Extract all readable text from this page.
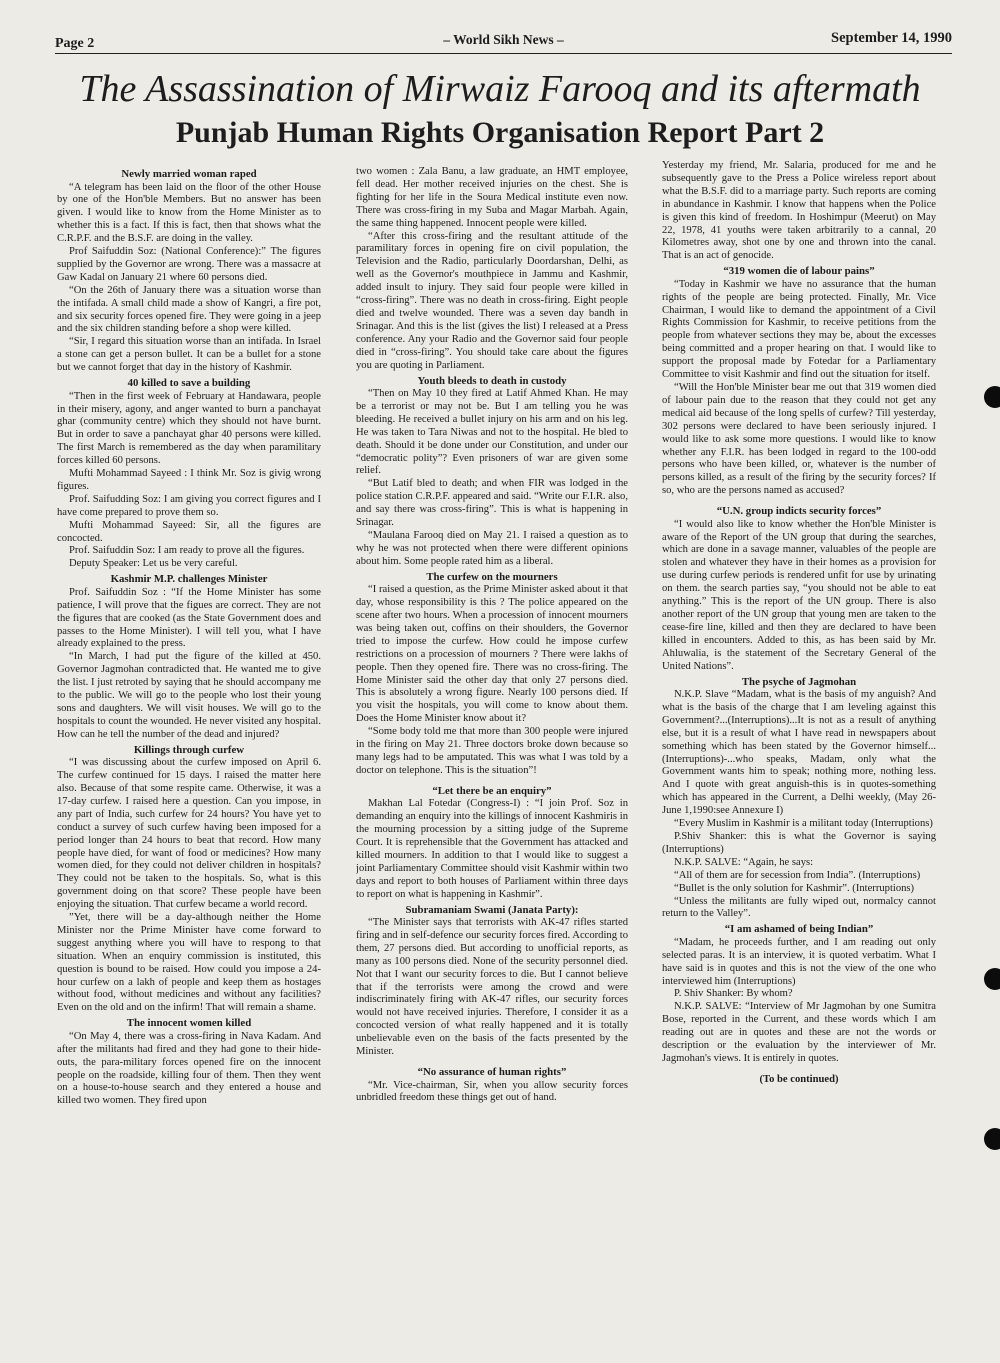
Page 2	– World Sikh News –	September 14, 1990
The Assassination of Mirwaiz Farooq and its aftermath
Punjab Human Rights Organisation Report Part 2
Newly married woman raped

“A telegram has been laid on the floor of the other House by one of the Hon'ble Members. But no answer has been given. I would like to know from the Home Minister as to whether this is a fact. If this is fact, then that shows what the C.R.P.F. and the B.S.F. are doing in the valley.

Prof Saifuddin Soz: (National Conference):” The figures supplied by the Governor are wrong. There was a massacre at Gaw Kadal on January 21 where 60 persons died.

“On the 26th of January there was a situation worse than the intifada. A small child made a show of Kangri, a fire pot, and six security forces opened fire. They were going in a jeep and the six children standing before a shop were killed.

“Sir, I regard this situation worse than an intifada. In Israel a stone can get a person bullet. It can be a bullet for a stone but we cannot forget that day in the history of Kashmir.

40 killed to save a building

“Then in the first week of February at Handawara, people in their misery, agony, and anger wanted to burn a panchayat ghar (community centre) which they should not have burnt. But in order to save a panchayat ghar 40 persons were killed. The first March is remembered as the day when paramilitary forces killed 60 persons.

Mufti Mohammad Sayeed : I think Mr. Soz is givig wrong figures.

Prof. Saifudding Soz: I am giving you correct figures and I have come prepared to prove them so.

Mufti Mohammad Sayeed: Sir, all the figures are concocted.

Prof. Saifuddin Soz: I am ready to prove all the figures.

Deputy Speaker: Let us be very careful.

Kashmir M.P. challenges Minister

Prof. Saifuddin Soz : “If the Home Minister has some patience, I will prove that the figues are correct. They are not the figures that are cooked (as the State Government does and passes to the Home Minister). I will tell you, what I have already explained to the press.

“In March, I had put the figure of the killed at 450. Governor Jagmohan contradicted that. He wanted me to give the list. I just retroted by saying that he should accompany me to the public. We will go to the people who lost their young sons and daughters. We will visit houses. We will go to the hospitals to count the wounded. He never visited any hospital. How can he tell the number of the dead and injured?

Killings through curfew

“I was discussing about the curfew imposed on April 6. The curfew continued for 15 days. I raised the matter here also. Because of that some respite came. Otherwise, it was a 17-day curfew. I raised here a question. Can you impose, in any part of India, such curfew for 24 hours? You have yet to conduct a survey of such curfew having been imposed for a period longer than 24 hours to beat that record. How many people have died, for want of food or medicines? How many women died, for they could not deliver children in hospitals? They could not be taken to the hospitals. So, what is this government doing on that score? These people have been enjoying the situation. That curfew became a world record.

”Yet, there will be a day-although neither the Home Minister nor the Prime Minister have come forward to suggest anything where you will have to respong to that situation. When an enquiry commission is instituted, this question is bound to be raised. How could you impose a 24-hour curfew on a lakh of people and keep them as hostages without food, without medicines and without any facilities? Even on the old and on the infirm! That will remain a shame.

The innocent women killed

“On May 4, there was a cross-firing in Nava Kadam. And after the militants had fired and they had gone to their hide-outs, the para-military forces opened fire on the innocent people on the roadside, killing four of them. Then they went on a house-to-house search and they entered a house and killed two women. They fired upon

two women : Zala Banu, a law graduate, an HMT employee, fell dead. Her mother received injuries on the chest. She is fighting for her life in the Soura Medical institute even now. There was cross-firing in my Suba and Magar Marbah. Again, the same thing happened. Innocent people were killed.

“After this cross-firing and the resultant attitude of the paramilitary forces in opening fire on civil population, the Television and the Radio, particularly Doordarshan, Delhi, as well as the Governor's mouthpiece in Jammu and Kashmir, added insult to injury. They said four people were killed in “cross-firing”. There was no death in cross-firing. Eight people died and twelve wounded. There was a seven day bandh in Srinagar. And this is the list (gives the list) I released at a Press conference. Any your Radio and the Governor said four people died in “cross-firing”. You should take care about the figures you are quoting in Parliament.

Youth bleeds to death in custody

“Then on May 10 they fired at Latif Ahmed Khan. He may be a terrorist or may not be. But I am telling you he was bleeding. He received a bullet injury on his arm and on his leg. He was taken to Tara Niwas and not to the hospital. He bled to death. Should it be done under our Constitution, and under our “democratic polity”? Even prisoners of war are given some relief.

“But Latif bled to death; and when FIR was lodged in the police station C.R.P.F. appeared and said. “Write our F.I.R. also, and say there was cross-firing”. This is what is happening in Srinagar.

“Maulana Farooq died on May 21. I raised a question as to why he was not protected when there were different opinions about him. Some people rated him as a liberal.

The curfew on the mourners

“I raised a question, as the Prime Minister asked about it that day, whose responsibility is this ? The police appeared on the scene after two hours. When a procession of innocent mourners was being taken out, coffins on their shoulders, the Governor tried to impose the curfew. How could he impose curfew restrictions on a procession of mourners ? There were lakhs of people. Then they opened fire. There was no cross-firing. The Home Minister said the other day that only 27 persons died. This is absolutely a wrong figure. Nearly 100 persons died. If you visit the hospitals, you will come to know about them. Does the Home Minister know about it?

“Some body told me that more than 300 people were injured in the firing on May 21. Three doctors broke down because so many legs had to be amputated. This was what I was told by a doctor on telephone. This is the situation”!

“Let there be an enquiry”

Makhan Lal Fotedar (Congress-I) : “I join Prof. Soz in demanding an enquiry into the killings of innocent Kashmiris in the mourning procession by a sitting judge of the Supreme Court. It is reprehensible that the Government has attacked and killed mourners. In addition to that I would like to suggest a joint Parliamentary Committee should visit Kashmir within two days and report to both houses of Parliament within three days to report on what is happening in Kashmir”.

Subramaniam Swami (Janata Party):

“The Minister says that terrorists with AK-47 rifles started firing and in self-defence our security forces fired. According to them, 27 persons died. But according to unofficial reports, as many as 100 persons died. None of the security personnel died. Not that I want our security forces to die. But I cannot believe that if the terrorists were among the crowd and were indiscriminately firing with AK-47 rifles, our security forces would not have received injuries. Therefore, I consider it as a concocted version of what really happened and it is totally unbelievable even on the basis of the facts presented by the Minister.

“No assurance of human rights”

“Mr. Vice-chairman, Sir, when you allow security forces unbridled freedom these things get out of hand.

Yesterday my friend, Mr. Salaria, produced for me and he subsequently gave to the Press a Police wireless report about what the B.S.F. did to a marriage party. Such reports are coming in abundance in Kashmir. I know that happens when the Police is given this kind of freedom. In Hoshimpur (Meerut) on May 22, 1978, 41 youths were taken arbitrarily to a cannal, 20 Kilometres away, shot one by one and thrown into the canal. That is an act of genocide.

“319 women die of labour pains”

“Today in Kashmir we have no assurance that the human rights of the people are being protected. Finally, Mr. Vice Chairman, I would like to demand the appointment of a Civil Rights Commission for Kashmir, to receive petitions from the people from whatever sections they may be, about the excesses being committed and a proper hearing on that. I would like to support the proposal made by Fotedar for a Parliamentary Committee to visit Kashmir and find out the situation for itself.

“Will the Hon'ble Minister bear me out that 319 women died of labour pain due to the reason that they could not get any medical aid because of the long spells of curfew? Till yesterday, 302 persons were declared to have been seriously injured. I would like to ask some more questions. I would like to know whether any F.I.R. has been lodged in regard to the 100-odd persons who have been killed, or, whatever is the number of persons killed, as a result of the firing by the security forces? If so, who are the persons named as accused?

“U.N. group indicts security forces”

“I would also like to know whether the Hon'ble Minister is aware of the Report of the UN group that during the searches, which are done in a savage manner, valuables of the people are stolen and whatever they have in their homes as a provision for use during curfew periods is rendered unfit for use by urinating on them. the search parties say, “you should not be able to eat anything.” This is the report of the UN group. There is also another report of the UN group that young men are taken to the cease-fire line, killed and then they are declared to have been killed in encounters. Added to this, as has been said by Mr. Ahluwalia, is the statement of the Secretary General of the United Nations”.

The psyche of Jagmohan

N.K.P. Slave “Madam, what is the basis of my anguish? And what is the basis of the charge that I am leveling against this Government?...(Interruptions)...It is not as a result of anything else, but it is a result of what I have read in newspapers about something which has been stated by the Governor himself...(Interruptions)-...who speaks, Madam, only what the Government wants him to speak; nothing more, nothing less. And I quote with great anguish-this is in quotes-something which has appeared in the Current, a Delhi weekly, (May 26-June 1,1990:see Annexure I)

“Every Muslim in Kashmir is a militant today (Interruptions)

P.Shiv Shanker: this is what the Governor is saying (Interruptions)

N.K.P. SALVE: “Again, he says:

“All of them are for secession from India”. (Interruptions)

“Bullet is the only solution for Kashmir”. (Interruptions)

“Unless the militants are fully wiped out, normalcy cannot return to the Valley”.

“I am ashamed of being Indian”

“Madam, he proceeds further, and I am reading out only selected paras. It is an interview, it is quoted verbatim. What I have said is in quotes and this is not the view of the one who interviewed him (Interruptions)

P. Shiv Shanker: By whom?

N.K.P. SALVE: “Interview of Mr Jagmohan by one Sumitra Bose, reported in the Current, and these words which I am reading out are in quotes and these are not the words or description or the evaluation by the interviewer of Mr. Jagmohan's views. It is entirely in quotes.

(To be continued)
